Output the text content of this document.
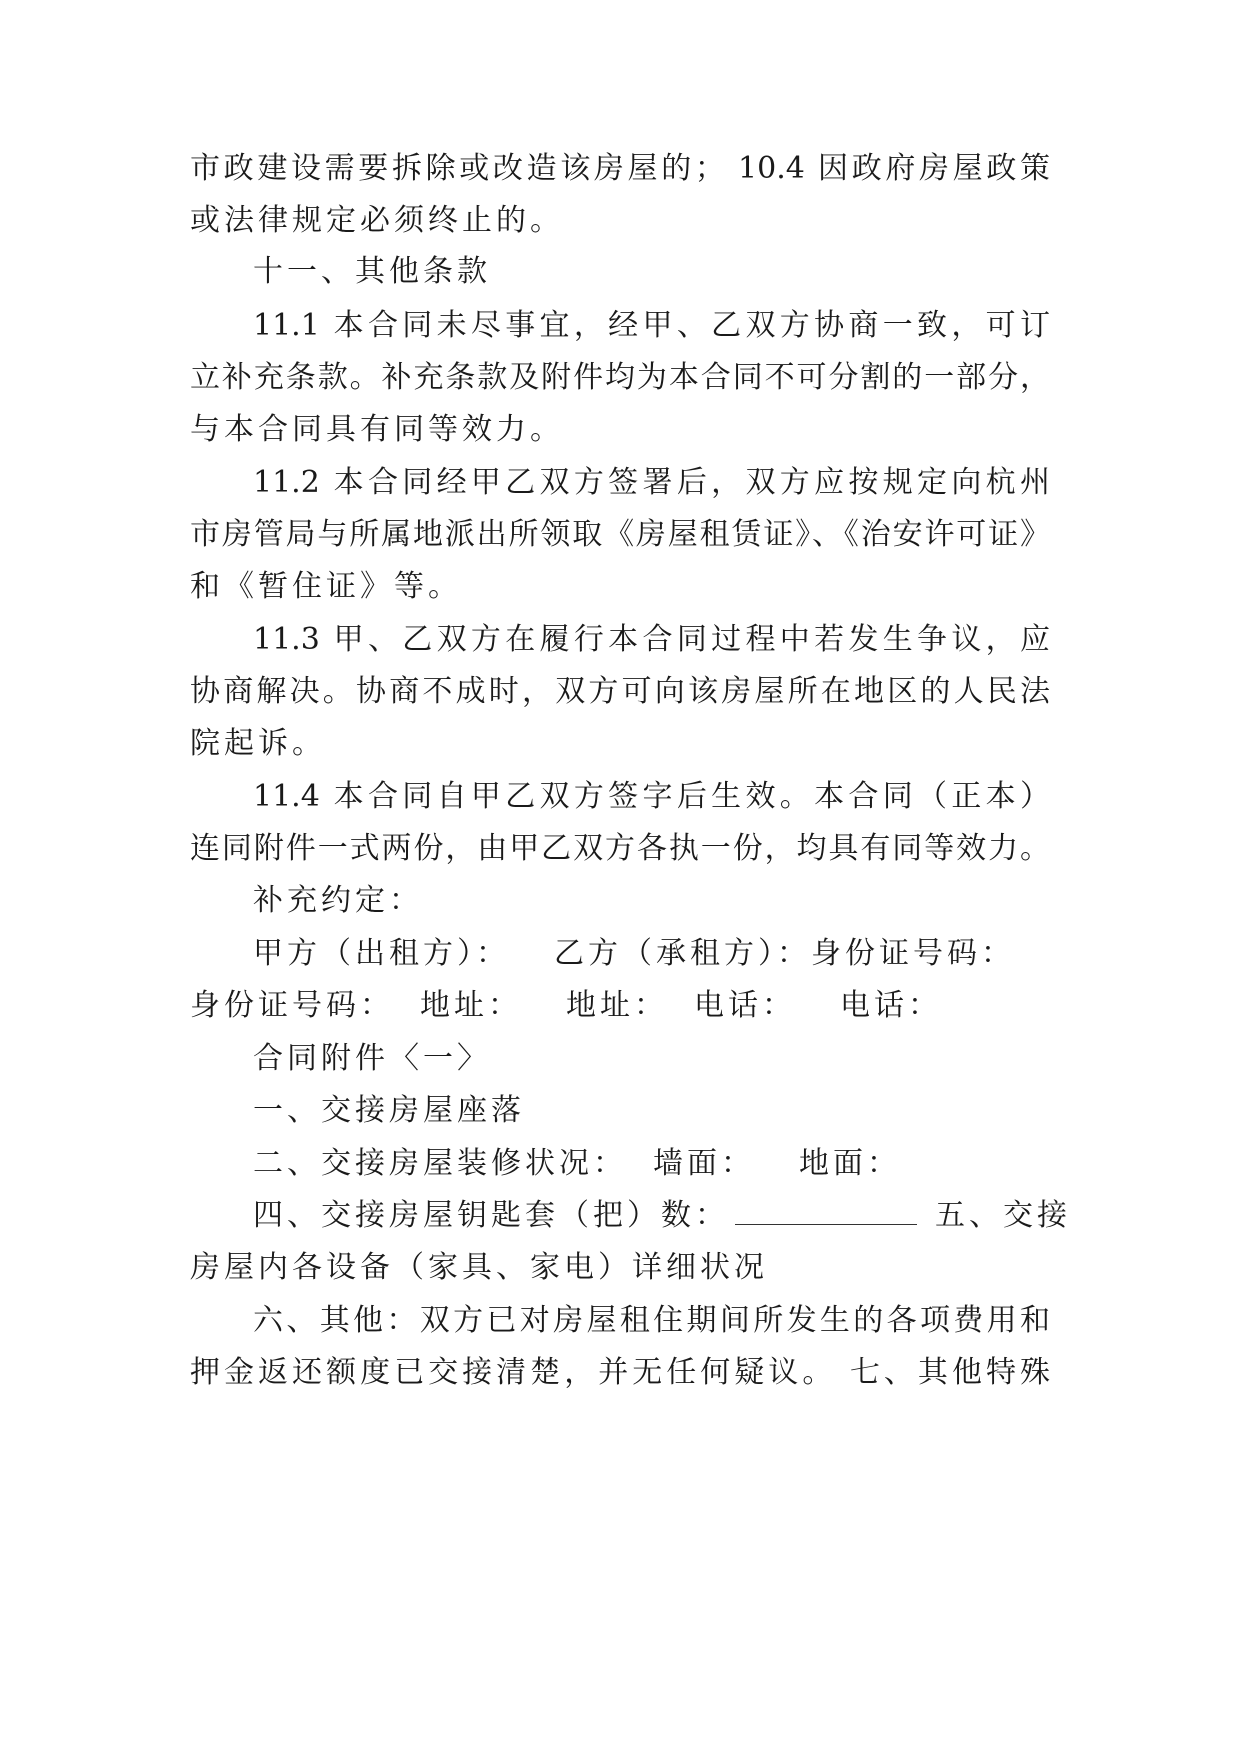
市政建设需要拆除或改造该房屋的； 10.4 因政府房屋政策
或法律规定必须终止的。
十一、其他条款
11.1 本合同未尽事宜，经甲、乙双方协商一致，可订
立补充条款。补充条款及附件均为本合同不可分割的一部分，
与本合同具有同等效力。
11.2 本合同经甲乙双方签署后，双方应按规定向杭州
市房管局与所属地派出所领取《房屋租赁证》、《治安许可证》
和《暂住证》等。
11.3 甲、乙双方在履行本合同过程中若发生争议，应
协商解决。协商不成时，双方可向该房屋所在地区的人民法
院起诉。
11.4 本合同自甲乙双方签字后生效。本合同（正本）
连同附件一式两份，由甲乙双方各执一份，均具有同等效力。
补充约定：
甲方（出租方）： 乙方（承租方）：身份证号码：
身份证号码： 地址： 地址： 电话： 电话：
合同附件〈一〉
一、交接房屋座落
二、交接房屋装修状况： 墙面： 地面：
四、交接房屋钥匙套（把）数：	五、交接
房屋内各设备（家具、家电）详细状况
六、其他：双方已对房屋租住期间所发生的各项费用和
押金返还额度已交接清楚，并无任何疑议。 七、其他特殊
